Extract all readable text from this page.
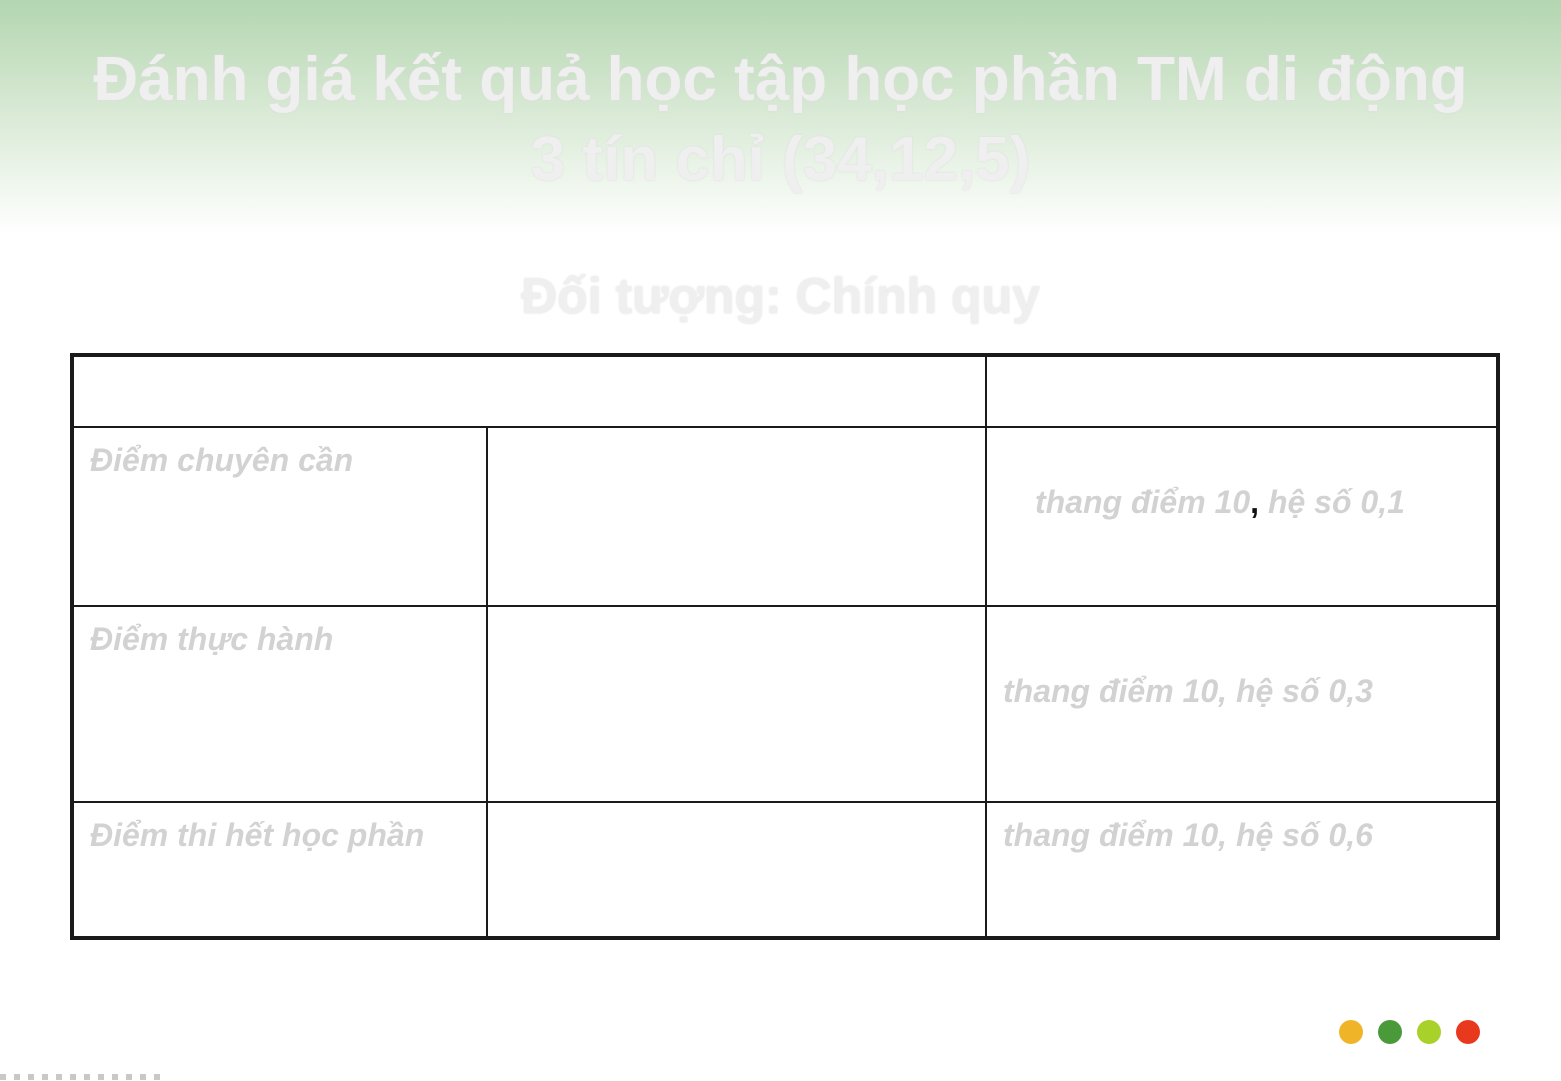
Đánh giá kết quả học tập học phần TM di động
3 tín chỉ (34,12,5)
Đối tượng: Chính quy

Điểm chuyên cần		thang điểm 10, hệ số 0,1
Điểm thực hành		thang điểm 10, hệ số 0,3
Điểm thi hết học phần		thang điểm 10, hệ số 0,6
